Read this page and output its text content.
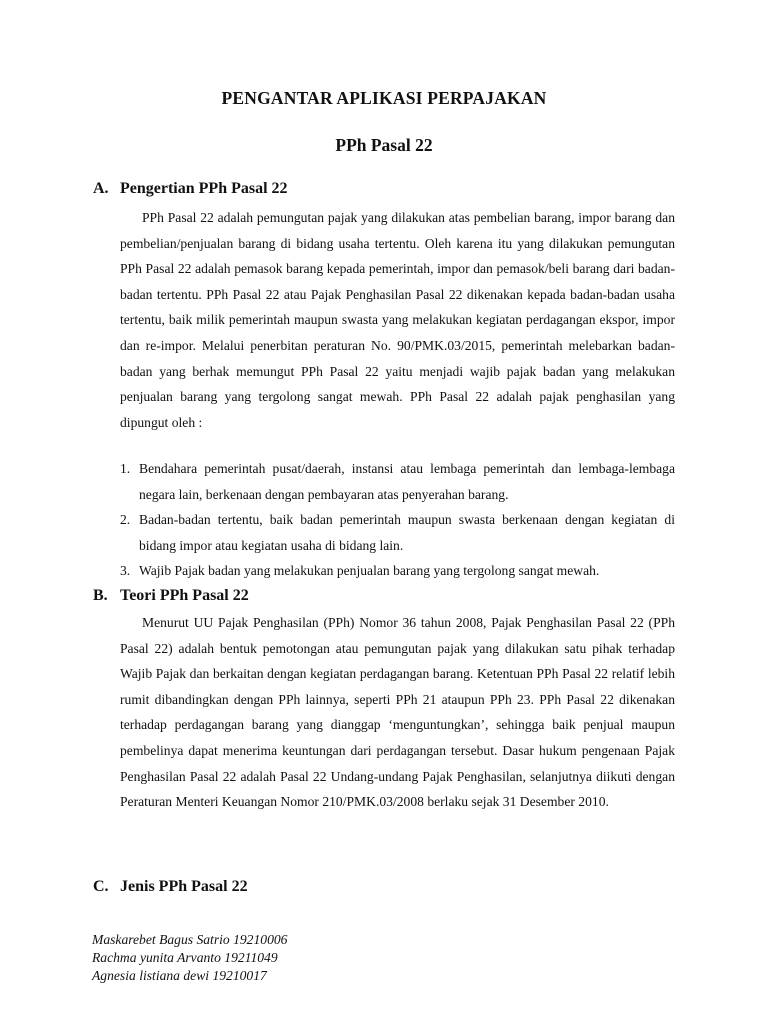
PENGANTAR APLIKASI PERPAJAKAN
PPh Pasal 22
A. Pengertian PPh Pasal 22
PPh Pasal 22 adalah pemungutan pajak yang dilakukan atas pembelian barang, impor barang dan pembelian/penjualan barang di bidang usaha tertentu. Oleh karena itu yang dilakukan pemungutan PPh Pasal 22 adalah pemasok barang kepada pemerintah, impor dan pemasok/beli barang dari badan-badan tertentu. PPh Pasal 22 atau Pajak Penghasilan Pasal 22 dikenakan kepada badan-badan usaha tertentu, baik milik pemerintah maupun swasta yang melakukan kegiatan perdagangan ekspor, impor dan re-impor. Melalui penerbitan peraturan No. 90/PMK.03/2015, pemerintah melebarkan badan-badan yang berhak memungut PPh Pasal 22 yaitu menjadi wajib pajak badan yang melakukan penjualan barang yang tergolong sangat mewah. PPh Pasal 22 adalah pajak penghasilan yang dipungut oleh :
1. Bendahara pemerintah pusat/daerah, instansi atau lembaga pemerintah dan lembaga-lembaga negara lain, berkenaan dengan pembayaran atas penyerahan barang.
2. Badan-badan tertentu, baik badan pemerintah maupun swasta berkenaan dengan kegiatan di bidang impor atau kegiatan usaha di bidang lain.
3. Wajib Pajak badan yang melakukan penjualan barang yang tergolong sangat mewah.
B. Teori PPh Pasal 22
Menurut UU Pajak Penghasilan (PPh) Nomor 36 tahun 2008, Pajak Penghasilan Pasal 22 (PPh Pasal 22) adalah bentuk pemotongan atau pemungutan pajak yang dilakukan satu pihak terhadap Wajib Pajak dan berkaitan dengan kegiatan perdagangan barang. Ketentuan PPh Pasal 22 relatif lebih rumit dibandingkan dengan PPh lainnya, seperti PPh 21 ataupun PPh 23. PPh Pasal 22 dikenakan terhadap perdagangan barang yang dianggap ‘menguntungkan’, sehingga baik penjual maupun pembelinya dapat menerima keuntungan dari perdagangan tersebut. Dasar hukum pengenaan Pajak Penghasilan Pasal 22 adalah Pasal 22 Undang-undang Pajak Penghasilan, selanjutnya diikuti dengan Peraturan Menteri Keuangan Nomor 210/PMK.03/2008 berlaku sejak 31 Desember 2010.
C. Jenis PPh Pasal 22
Maskarebet Bagus Satrio 19210006
Rachma yunita Arvanto 19211049
Agnesia listiana dewi 19210017
